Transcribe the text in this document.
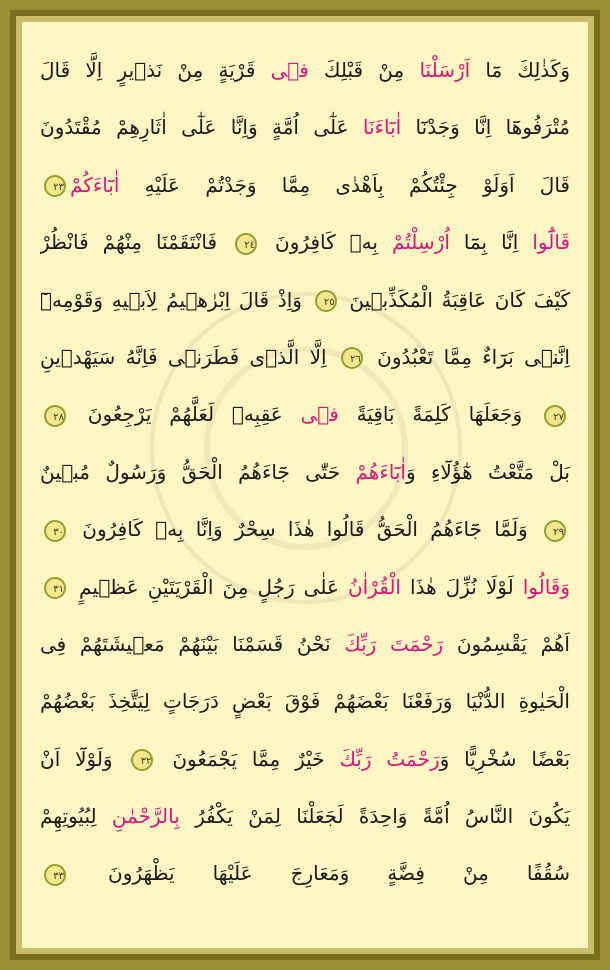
وَكَذٰلِكَ مَٓا اَرْسَلْنَا مِنْ قَبْلِكَ فٖى قَرْيَةٍ مِنْ نَذٖيرٍ اِلَّا قَالَ
مُتْرَفُوهَٓا اِنَّا وَجَدْنَٓا اٰبَٓاءَنَا عَلٰٓى اُمَّةٍ وَاِنَّا عَلٰٓى اٰثَارِهِمْ مُقْتَدُونَ
قَالَ اَوَلَوْ جِئْتُكُمْ بِاَهْدٰى مِمَّا وَجَدْتُمْ عَلَيْهِ اٰبَٓاءَكُمْ٢٣
قَالُٓوا اِنَّا بِمَٓا اُرْسِلْتُمْ بِهٖ كَافِرُونَ ٢٤ فَانْتَقَمْنَا مِنْهُمْ فَانْظُرْ
كَيْفَ كَانَ عَاقِبَةُ الْمُكَذِّبٖينَ ٢٥ وَاِذْ قَالَ اِبْرٰهٖيمُ لِاَبٖيهِ وَقَوْمِهٖٓ
اِنَّنٖى بَرَٓاءٌ مِمَّا تَعْبُدُونَ ٢٦ اِلَّا الَّذٖى فَطَرَنٖى فَاِنَّهُ سَيَهْدٖينِ
٢٧ وَجَعَلَهَا كَلِمَةً بَاقِيَةً فٖى عَقِبِهٖ لَعَلَّهُمْ يَرْجِعُونَ ٢٨
بَلْ مَتَّعْتُ هٰٓؤُلَٓاءِ وَاٰبَٓاءَهُمْ حَتّٰى جَٓاءَهُمُ الْحَقُّ وَرَسُولٌ مُبٖينٌ
٢٩ وَلَمَّا جَٓاءَهُمُ الْحَقُّ قَالُوا هٰذَا سِحْرٌ وَاِنَّا بِهٖ كَافِرُونَ ٣٠
وَقَالُوا لَوْلَا نُزِّلَ هٰذَا الْقُرْاٰنُ عَلٰى رَجُلٍ مِنَ الْقَرْيَتَيْنِ عَظٖيمٍ ٣١
اَهُمْ يَقْسِمُونَ رَحْمَتَ رَبِّكَ نَحْنُ قَسَمْنَا بَيْنَهُمْ مَعٖيشَتَهُمْ فِى
الْحَيٰوةِ الدُّنْيَا وَرَفَعْنَا بَعْضَهُمْ فَوْقَ بَعْضٍ دَرَجَاتٍ لِيَتَّخِذَ بَعْضُهُمْ
بَعْضًا سُخْرِيًّا وَرَحْمَتُ رَبِّكَ خَيْرٌ مِمَّا يَجْمَعُونَ ٣٢ وَلَوْلَٓا اَنْ
يَكُونَ النَّاسُ اُمَّةً وَاحِدَةً لَجَعَلْنَا لِمَنْ يَكْفُرُ بِالرَّحْمٰنِ لِبُيُوتِهِمْ
سُقُفًا مِنْ فِضَّةٍ وَمَعَارِجَ عَلَيْهَا يَظْهَرُونَ ٣٣
